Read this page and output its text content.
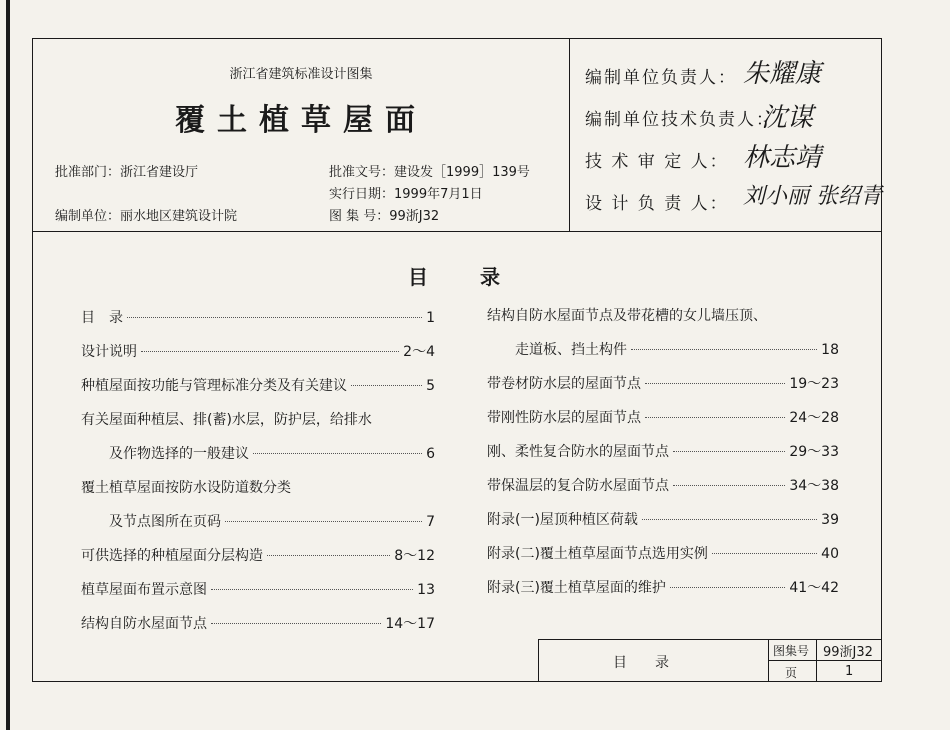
浙江省建筑标准设计图集
覆土植草屋面
批准部门：浙江省建设厅	批准文号：建设发［1999］139号
实行日期：1999年7月1日
编制单位：丽水地区建筑设计院	图 集 号：99浙J32
编制单位负责人： 朱耀康
编制单位技术负责人：
沈谋
技 术 审 定 人： 林志靖
设 计 负 责 人： 刘小丽 张绍青
目　　录
目　录	1
设计说明	2～4
种植屋面按功能与管理标准分类及有关建议	5
有关屋面种植层、排(蓄)水层，防护层，给排水
及作物选择的一般建议	6
覆土植草屋面按防水设防道数分类
及节点图所在页码	7
可供选择的种植屋面分层构造	8～12
植草屋面布置示意图	13
结构自防水屋面节点	14～17
结构自防水屋面节点及带花槽的女儿墙压顶、
走道板、挡土构件	18
带卷材防水层的屋面节点	19～23
带刚性防水层的屋面节点	24～28
刚、柔性复合防水的屋面节点	29～33
带保温层的复合防水屋面节点	34～38
附录(一)屋顶种植区荷载	39
附录(二)覆土植草屋面节点选用实例	40
附录(三)覆土植草屋面的维护	41～42
目　　录
图集号 99浙J32
页	1
